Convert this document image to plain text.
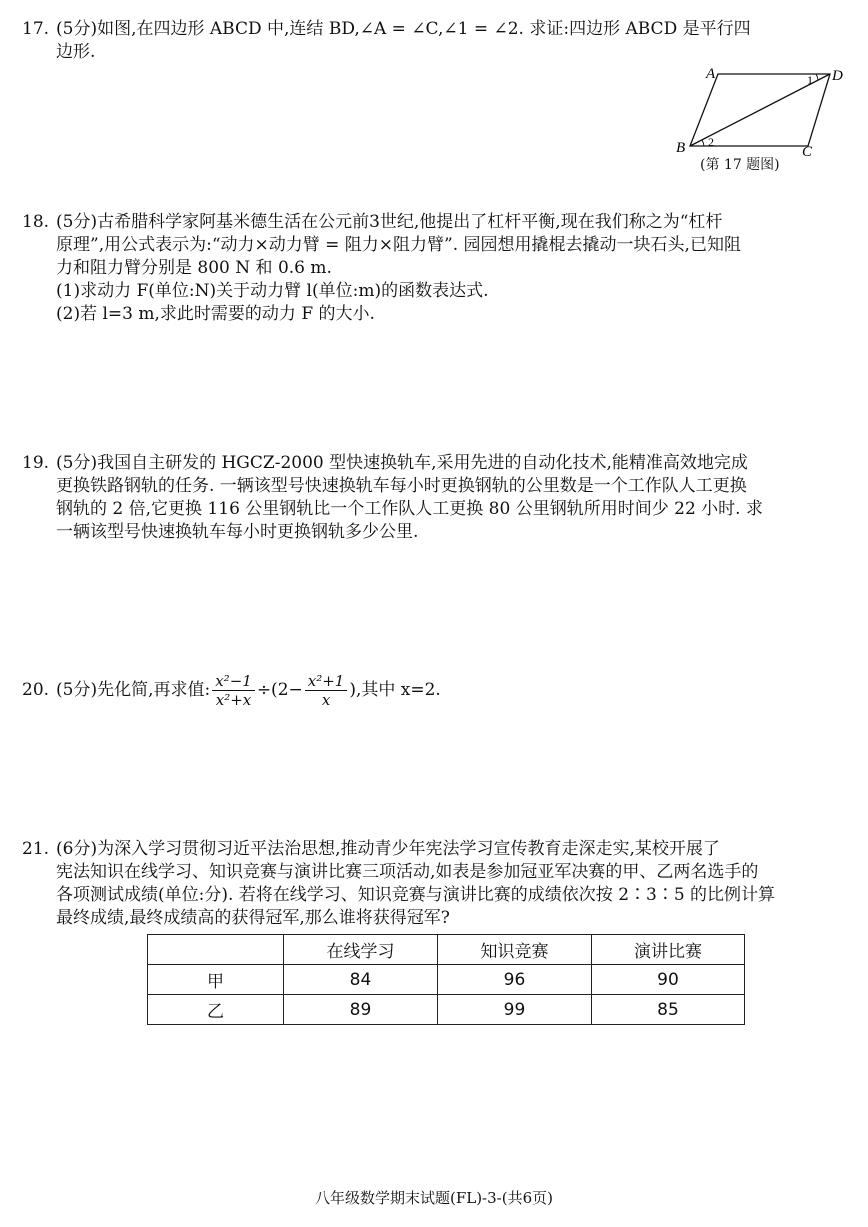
17. (5分)如图,在四边形 ABCD 中,连结 BD,∠A = ∠C,∠1 = ∠2. 求证:四边形 ABCD 是平行四
边形.
A	D
B	C
1
2
(第 17 题图)
18. (5分)古希腊科学家阿基米德生活在公元前3世纪,他提出了杠杆平衡,现在我们称之为“杠杆
原理”,用公式表示为:“动力×动力臂 = 阻力×阻力臂”. 园园想用撬棍去撬动一块石头,已知阻
力和阻力臂分别是 800 N 和 0.6 m.
(1)求动力 F(单位:N)关于动力臂 l(单位:m)的函数表达式.
(2)若 l=3 m,求此时需要的动力 F 的大小.
19. (5分)我国自主研发的 HGCZ-2000 型快速换轨车,采用先进的自动化技术,能精准高效地完成
更换铁路钢轨的任务. 一辆该型号快速换轨车每小时更换钢轨的公里数是一个工作队人工更换
钢轨的 2 倍,它更换 116 公里钢轨比一个工作队人工更换 80 公里钢轨所用时间少 22 小时. 求
一辆该型号快速换轨车每小时更换钢轨多少公里.
20. (5分)先化简,再求值: $\frac{\text{x²−1}}{\text{x²+x}} \div(2- \frac{\text{x²+1}}{x}$ ),其中 x=2.
21. (6分)为深入学习贯彻习近平法治思想,推动青少年宪法学习宣传教育走深走实,某校开展了
宪法知识在线学习、知识竞赛与演讲比赛三项活动,如表是参加冠亚军决赛的甲、乙两名选手的
各项测试成绩(单位:分). 若将在线学习、知识竞赛与演讲比赛的成绩依次按 2∶3∶5 的比例计算
最终成绩,最终成绩高的获得冠军,那么谁将获得冠军?
	在线学习	知识竞赛	演讲比赛
甲	84	96	90
乙	89	99	85
八年级数学期末试题(FL)-3-(共6页)
